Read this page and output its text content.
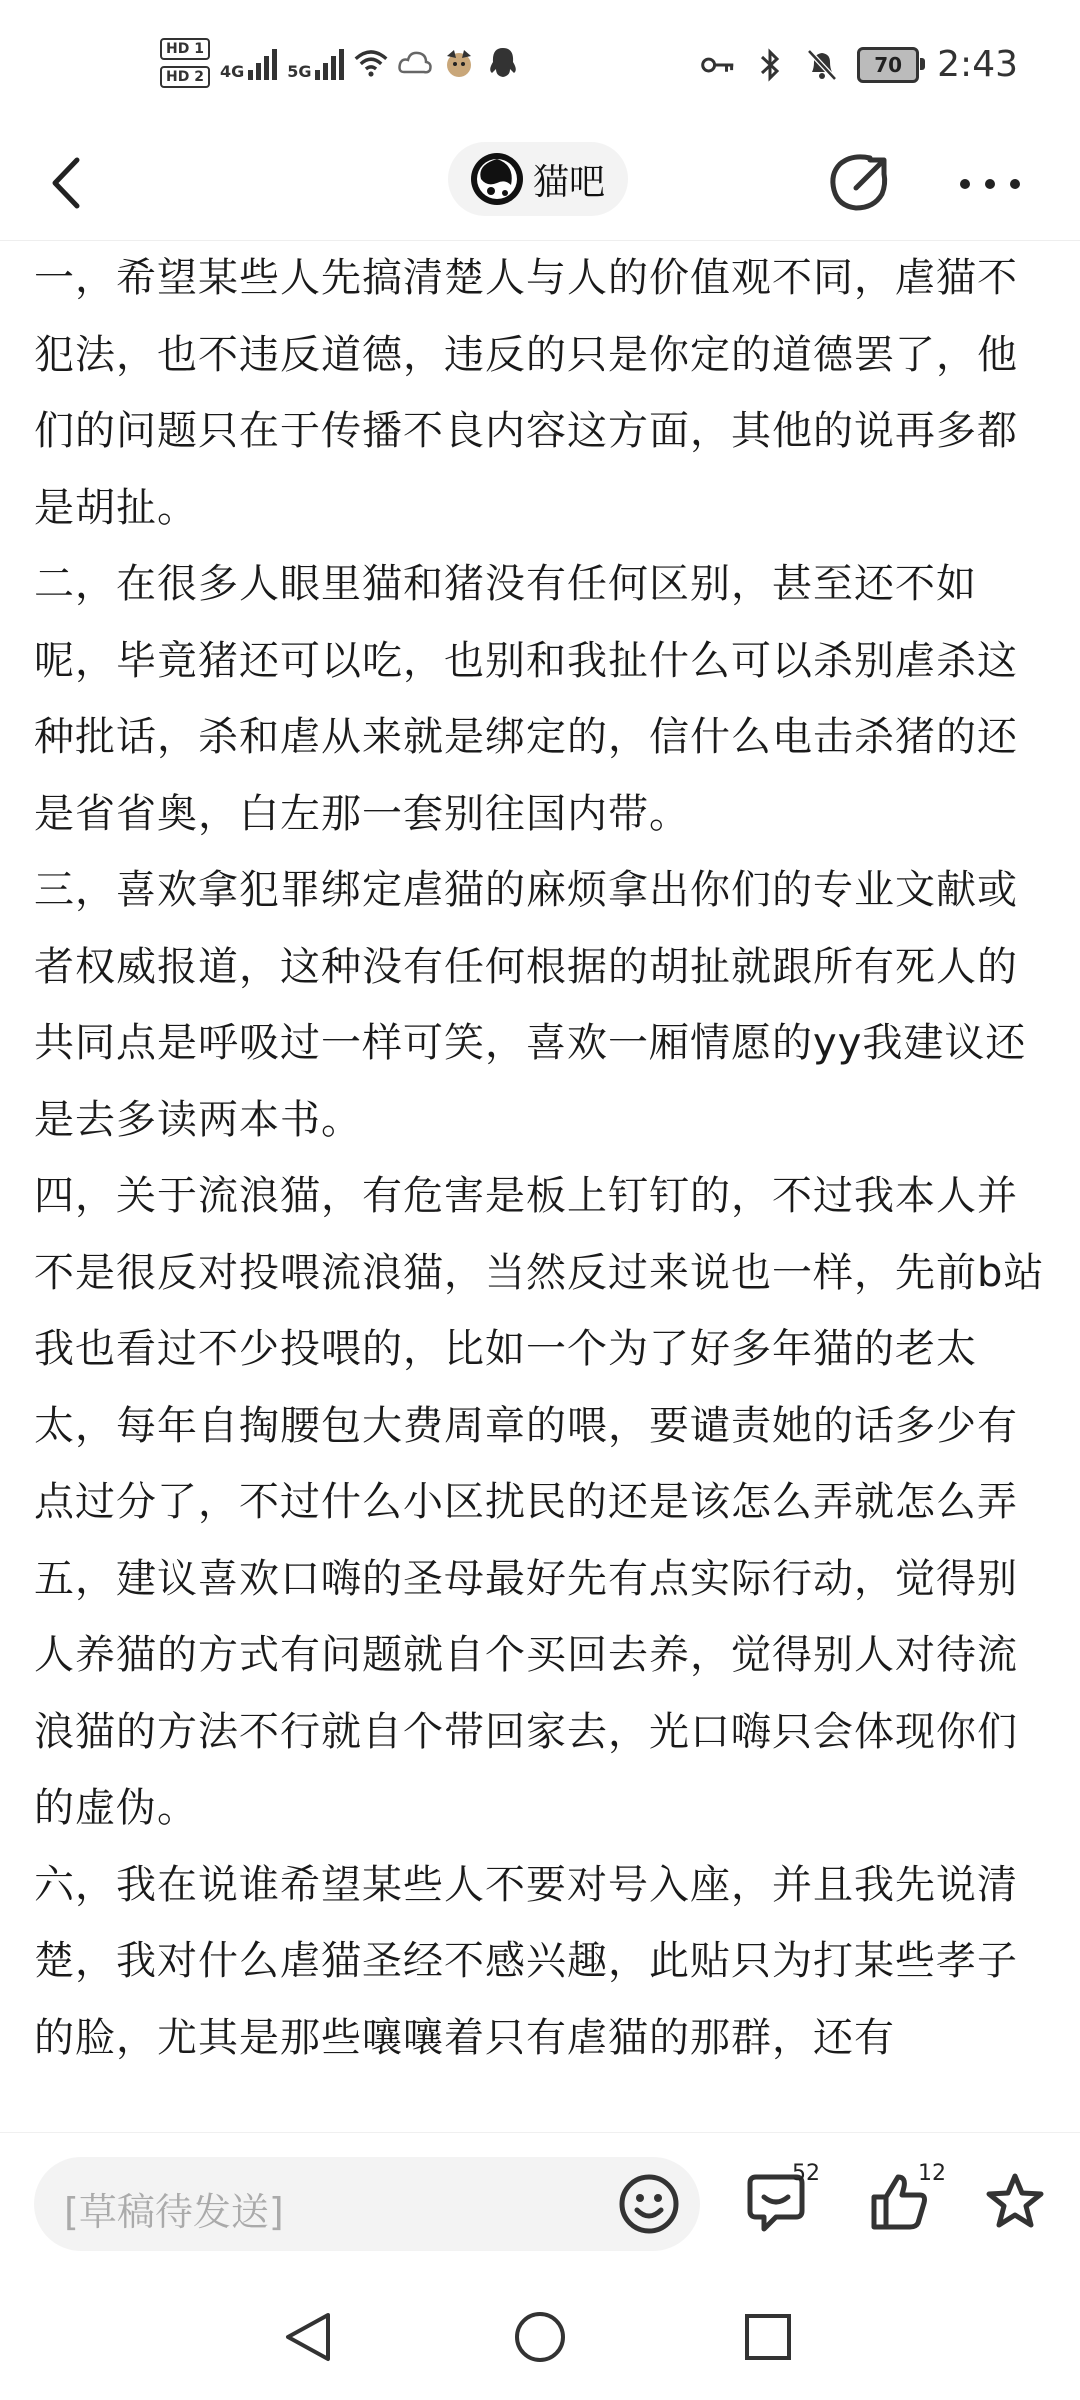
HD 1
HD 2	4G	5G	70 2:43
猫吧

一，希望某些人先搞清楚人与人的价值观不同，虐猫不犯法，也不违反道德，违反的只是你定的道德罢了，他们的问题只在于传播不良内容这方面，其他的说再多都是胡扯。

二，在很多人眼里猫和猪没有任何区别，甚至还不如呢，毕竟猪还可以吃，也别和我扯什么可以杀别虐杀这种批话，杀和虐从来就是绑定的，信什么电击杀猪的还是省省奥，白左那一套别往国内带。

三，喜欢拿犯罪绑定虐猫的麻烦拿出你们的专业文献或者权威报道，这种没有任何根据的胡扯就跟所有死人的共同点是呼吸过一样可笑，喜欢一厢情愿的yy我建议还是去多读两本书。

四，关于流浪猫，有危害是板上钉钉的，不过我本人并不是很反对投喂流浪猫，当然反过来说也一样，先前b站我也看过不少投喂的，比如一个为了好多年猫的老太太，每年自掏腰包大费周章的喂，要谴责她的话多少有点过分了，不过什么小区扰民的还是该怎么弄就怎么弄

五，建议喜欢口嗨的圣母最好先有点实际行动，觉得别人养猫的方式有问题就自个买回去养，觉得别人对待流浪猫的方法不行就自个带回家去，光口嗨只会体现你们的虚伪。

六，我在说谁希望某些人不要对号入座，并且我先说清楚，我对什么虐猫圣经不感兴趣，此贴只为打某些孝子的脸，尤其是那些嚷嚷着只有虐猫的那群，还有

[草稿待发送]
52	12
